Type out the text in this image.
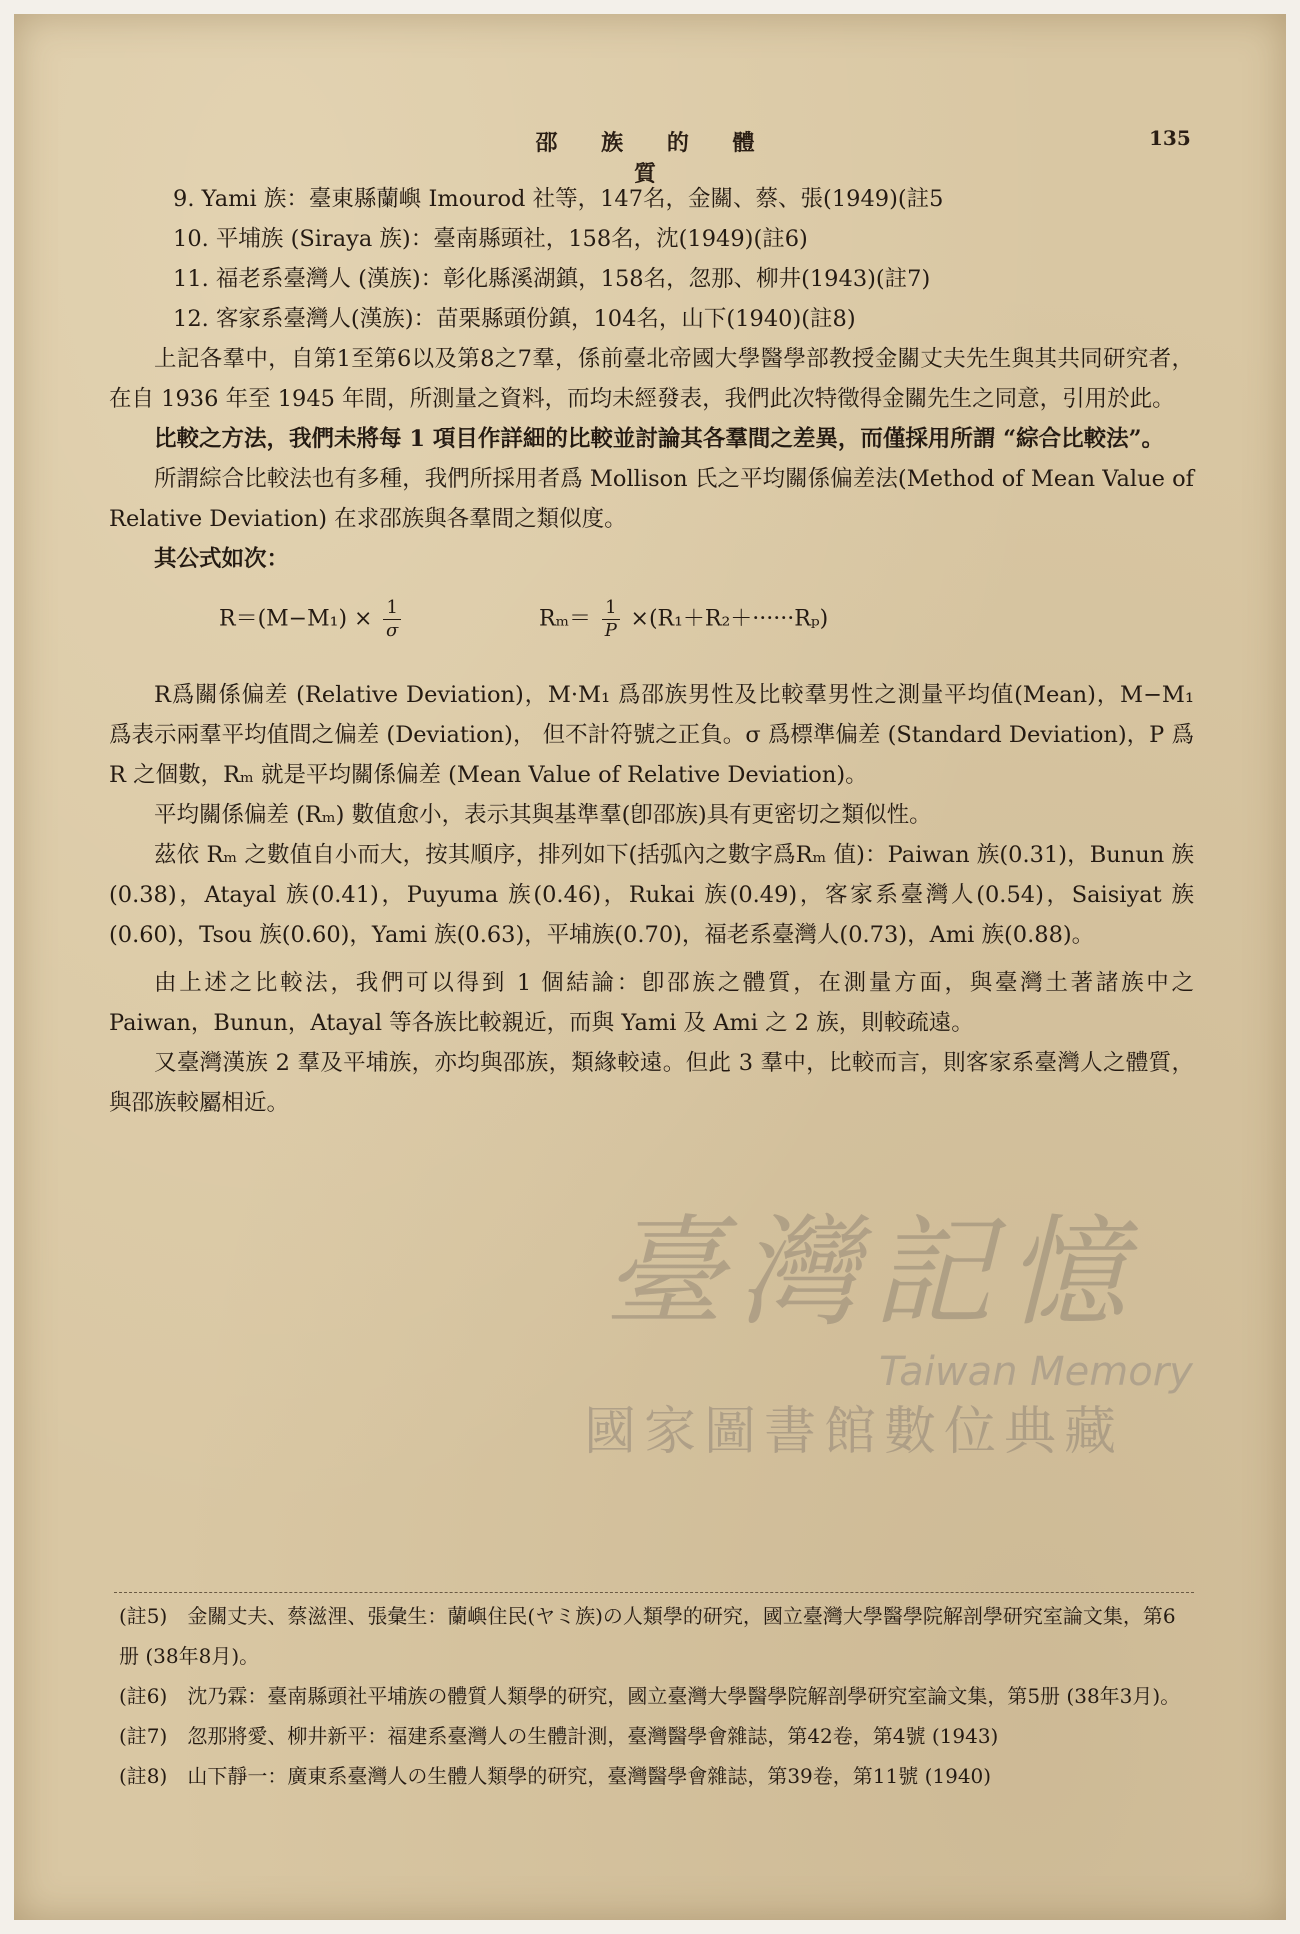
邵 族 的 體 質
135

9. Yami 族：臺東縣蘭嶼 Imourod 社等，147名，金關、蔡、張(1949)(註5

10. 平埔族 (Siraya 族)：臺南縣頭社，158名，沈(1949)(註6)

11. 福老系臺灣人 (漢族)：彰化縣溪湖鎮，158名，忽那、柳井(1943)(註7)

12. 客家系臺灣人(漢族)：苗栗縣頭份鎮，104名，山下(1940)(註8)

上記各羣中，自第1至第6以及第8之7羣，係前臺北帝國大學醫學部教授金關丈夫先生與其共同研究者，在自 1936 年至 1945 年間，所測量之資料，而均未經發表，我們此次特徵得金關先生之同意，引用於此。

比較之方法，我們未將每 1 項目作詳細的比較並討論其各羣間之差異，而僅採用所謂 “綜合比較法”。

所謂綜合比較法也有多種，我們所採用者爲 Mollison 氏之平均關係偏差法(Method of Mean Value of Relative Deviation) 在求邵族與各羣間之類似度。

其公式如次：

$R=(M-M_1) \times \frac{1}{\sigma}$	$R_m= \frac{1}{P} \times(R_1+R_2+\cdot\cdot\cdot\cdot\cdot\cdot R_p)$

R爲關係偏差 (Relative Deviation)，M·M₁ 爲邵族男性及比較羣男性之測量平均值(Mean)，M−M₁ 爲表示兩羣平均值間之偏差 (Deviation)， 但不計符號之正負。σ 爲標準偏差 (Standard Deviation)，P 爲 R 之個數，Rₘ 就是平均關係偏差 (Mean Value of Relative Deviation)。

平均關係偏差 (Rₘ) 數值愈小，表示其與基準羣(卽邵族)具有更密切之類似性。

茲依 Rₘ 之數值自小而大，按其順序，排列如下(括弧內之數字爲Rₘ 值)：Paiwan 族(0.31)，Bunun 族(0.38)，Atayal 族(0.41)，Puyuma 族(0.46)，Rukai 族(0.49)，客家系臺灣人(0.54)，Saisiyat 族(0.60)，Tsou 族(0.60)，Yami 族(0.63)，平埔族(0.70)，福老系臺灣人(0.73)，Ami 族(0.88)。

由上述之比較法，我們可以得到 1 個結論：卽邵族之體質，在測量方面，與臺灣土著諸族中之 Paiwan，Bunun，Atayal 等各族比較親近，而與 Yami 及 Ami 之 2 族，則較疏遠。

又臺灣漢族 2 羣及平埔族，亦均與邵族，類緣較遠。但此 3 羣中，比較而言，則客家系臺灣人之體質，與邵族較屬相近。

(註5)　金關丈夫、蔡滋浬、張彙生：蘭嶼住民(ヤミ族)の人類學的研究，國立臺灣大學醫學院解剖學研究室論文集，第6册 (38年8月)。

(註6)　沈乃霖：臺南縣頭社平埔族の體質人類學的研究，國立臺灣大學醫學院解剖學研究室論文集，第5册 (38年3月)。

(註7)　忽那將愛、柳井新平：福建系臺灣人の生體計測，臺灣醫學會雜誌，第42卷，第4號 (1943)

(註8)　山下靜一：廣東系臺灣人の生體人類學的研究，臺灣醫學會雜誌，第39卷，第11號 (1940)

臺灣記憶
Taiwan Memory
國家圖書館數位典藏
